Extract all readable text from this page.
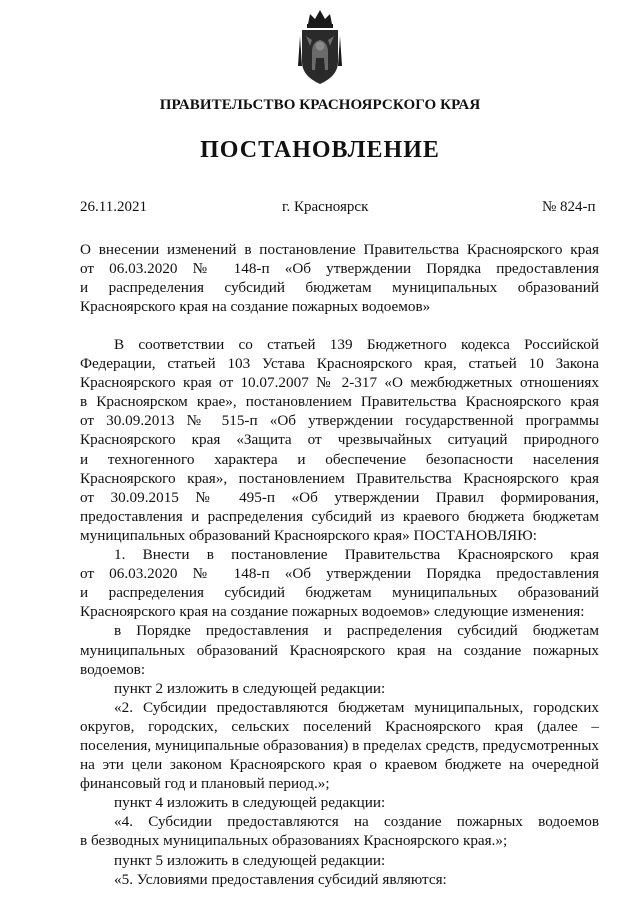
ПРАВИТЕЛЬСТВО КРАСНОЯРСКОГО КРАЯ
ПОСТАНОВЛЕНИЕ
26.11.2021	г. Красноярск	№ 824-п
О внесении изменений в постановление Правительства Красноярского края
от 06.03.2020 № 148-п «Об утверждении Порядка предоставления
и распределения субсидий бюджетам муниципальных образований
Красноярского края на создание пожарных водоемов»
В соответствии со статьей 139 Бюджетного кодекса Российской
Федерации, статьей 103 Устава Красноярского края, статьей 10 Закона
Красноярского края от 10.07.2007 № 2-317 «О межбюджетных отношениях
в Красноярском крае», постановлением Правительства Красноярского края
от 30.09.2013 № 515-п «Об утверждении государственной программы
Красноярского края «Защита от чрезвычайных ситуаций природного
и техногенного характера и обеспечение безопасности населения
Красноярского края», постановлением Правительства Красноярского края
от 30.09.2015 № 495-п «Об утверждении Правил формирования,
предоставления и распределения субсидий из краевого бюджета бюджетам
муниципальных образований Красноярского края» ПОСТАНОВЛЯЮ:
1. Внести в постановление Правительства Красноярского края
от 06.03.2020 № 148-п «Об утверждении Порядка предоставления
и распределения субсидий бюджетам муниципальных образований
Красноярского края на создание пожарных водоемов» следующие изменения:
в Порядке предоставления и распределения субсидий бюджетам
муниципальных образований Красноярского края на создание пожарных
водоемов:
пункт 2 изложить в следующей редакции:
«2. Субсидии предоставляются бюджетам муниципальных, городских
округов, городских, сельских поселений Красноярского края (далее –
поселения, муниципальные образования) в пределах средств, предусмотренных
на эти цели законом Красноярского края о краевом бюджете на очередной
финансовый год и плановый период.»;
пункт 4 изложить в следующей редакции:
«4. Субсидии предоставляются на создание пожарных водоемов
в безводных муниципальных образованиях Красноярского края.»;
пункт 5 изложить в следующей редакции:
«5. Условиями предоставления субсидий являются:
